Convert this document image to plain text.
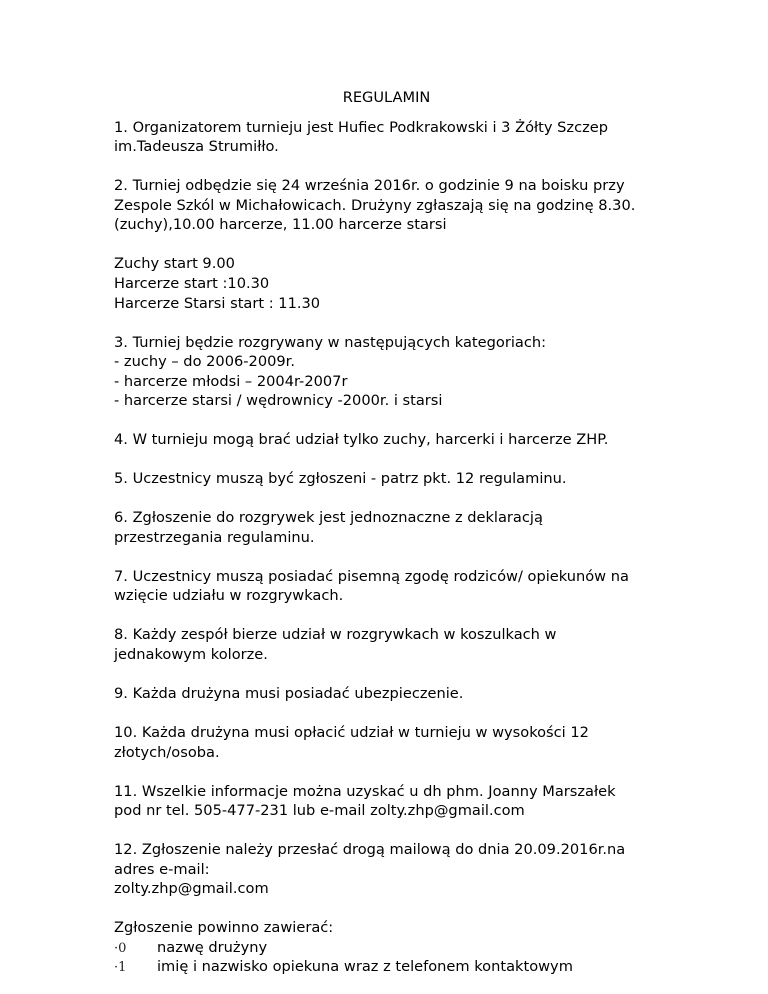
REGULAMIN
1. Organizatorem turnieju jest Hufiec Podkrakowski i 3 Żółty Szczep
im.Tadeusza Strumiłło.
2. Turniej odbędzie się 24 września 2016r. o godzinie 9 na boisku przy
Zespole Szkól w Michałowicach. Drużyny zgłaszają się na godzinę 8.30.
(zuchy),10.00 harcerze, 11.00 harcerze starsi
Zuchy start 9.00
Harcerze start :10.30
Harcerze Starsi start : 11.30
3. Turniej będzie rozgrywany w następujących kategoriach:
- zuchy – do 2006-2009r.
- harcerze młodsi – 2004r-2007r
- harcerze starsi / wędrownicy -2000r. i starsi
4. W turnieju mogą brać udział tylko zuchy, harcerki i harcerze ZHP.
5. Uczestnicy muszą być zgłoszeni - patrz pkt. 12 regulaminu.
6. Zgłoszenie do rozgrywek jest jednoznaczne z deklaracją
przestrzegania regulaminu.
7. Uczestnicy muszą posiadać pisemną zgodę rodziców/ opiekunów na
wzięcie udziału w rozgrywkach.
8. Każdy zespół bierze udział w rozgrywkach w koszulkach w
jednakowym kolorze.
9. Każda drużyna musi posiadać ubezpieczenie.
10. Każda drużyna musi opłacić udział w turnieju w wysokości 12
złotych/osoba.
11. Wszelkie informacje można uzyskać u dh phm. Joanny Marszałek
pod nr tel. 505-477-231 lub e-mail zolty.zhp@gmail.com
12. Zgłoszenie należy przesłać drogą mailową do dnia 20.09.2016r.na
adres e-mail:
zolty.zhp@gmail.com
Zgłoszenie powinno zawierać:
·0 nazwę drużyny
·1 imię i nazwisko opiekuna wraz z telefonem kontaktowym
